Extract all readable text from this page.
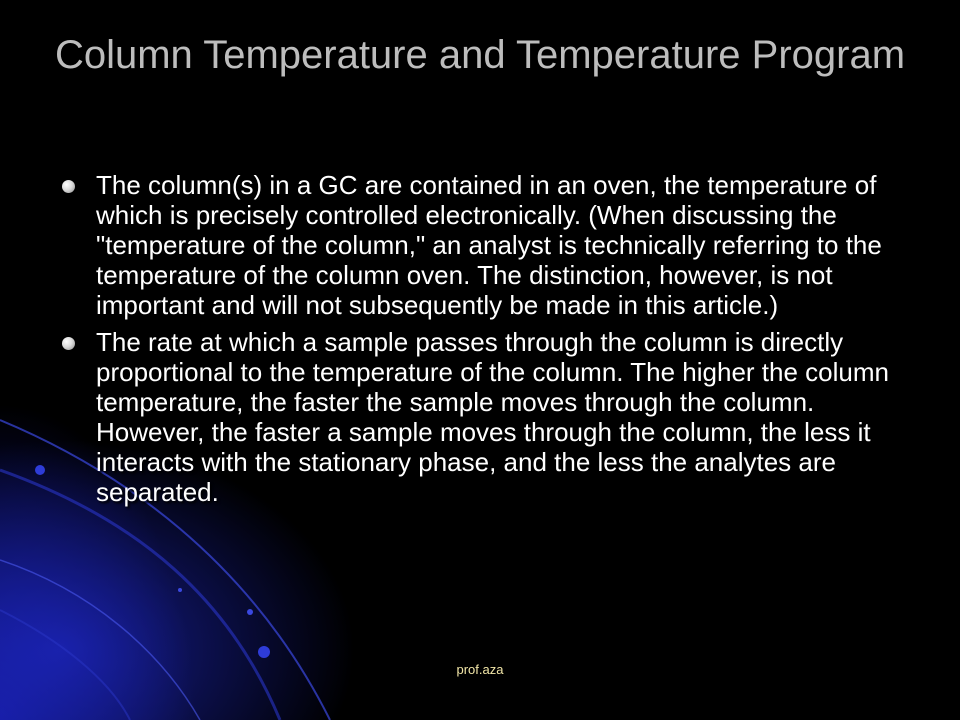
Column Temperature and Temperature Program
The column(s) in a GC are contained in an oven, the temperature of which is precisely controlled electronically. (When discussing the "temperature of the column," an analyst is technically referring to the temperature of the column oven. The distinction, however, is not important and will not subsequently be made in this article.)
The rate at which a sample passes through the column is directly proportional to the temperature of the column. The higher the column temperature, the faster the sample moves through the column. However, the faster a sample moves through the column, the less it interacts with the stationary phase, and the less the analytes are separated.
prof.aza
